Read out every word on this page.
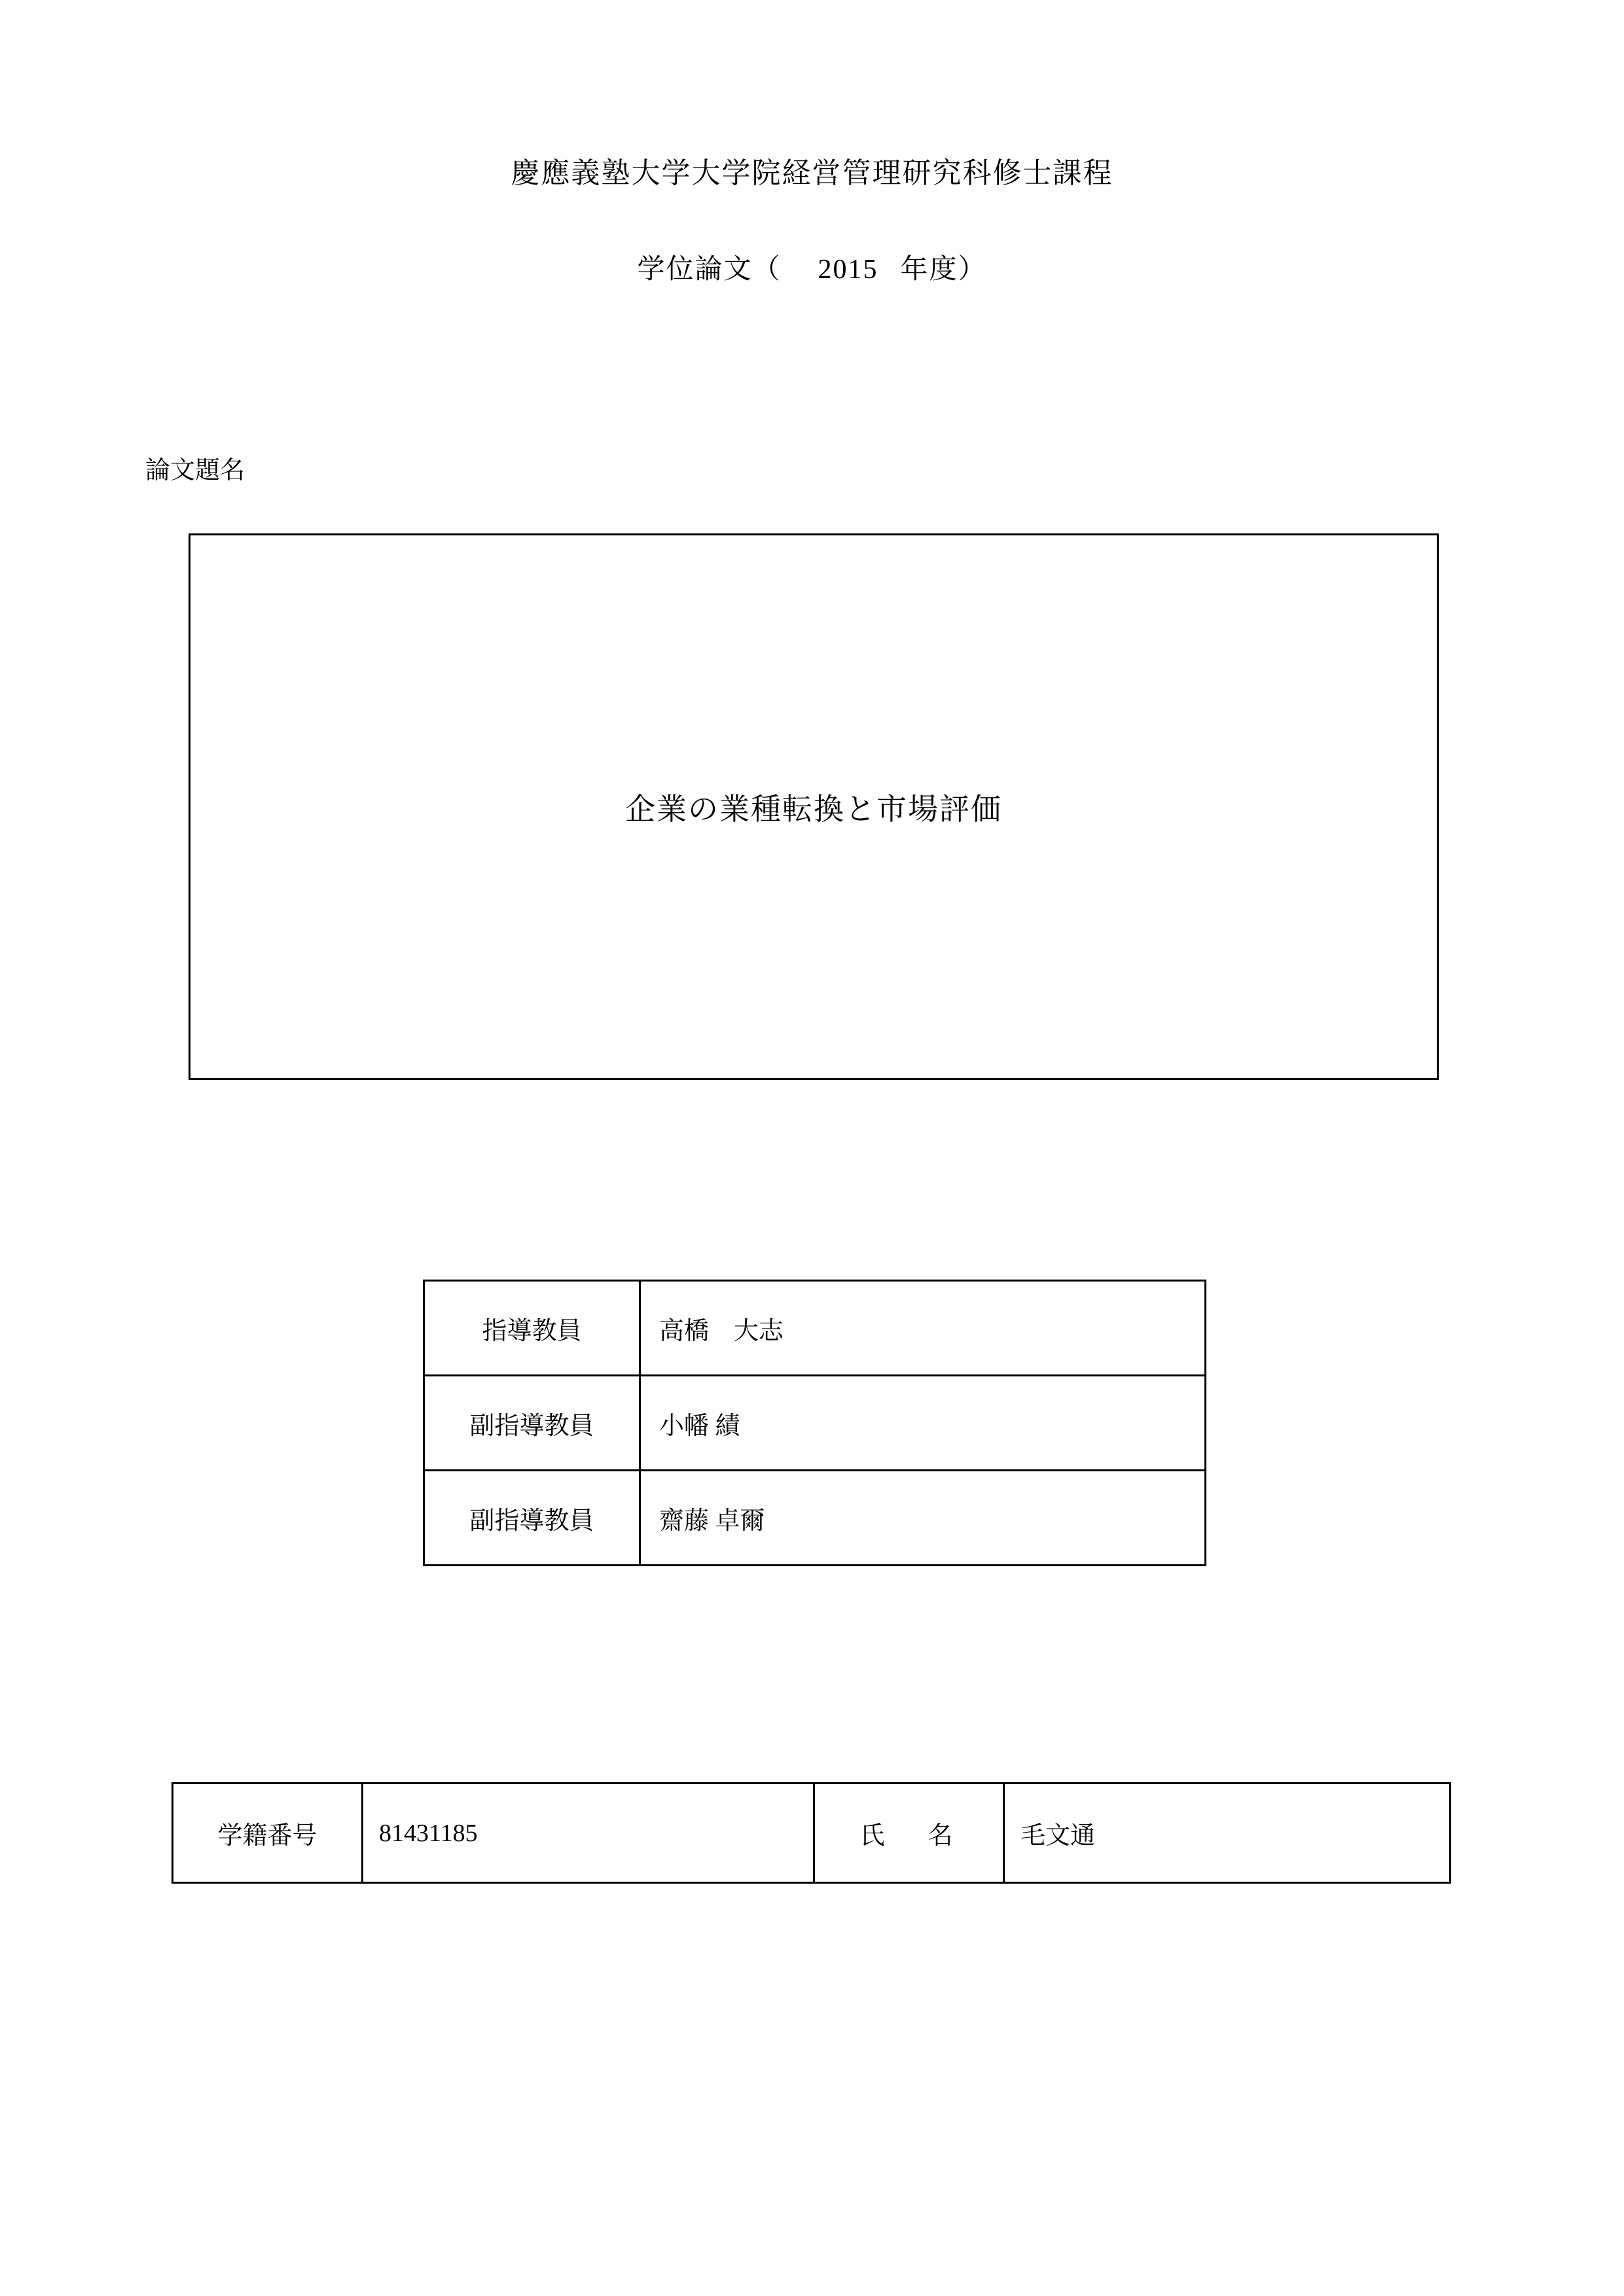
慶應義塾大学大学院経営管理研究科修士課程
学位論文（ 2015 年度）
論文題名
企業の業種転換と市場評価
指導教員	高橋　大志
副指導教員	小幡 績
副指導教員	齋藤 卓爾
学籍番号	81431185	氏　名	毛文通
